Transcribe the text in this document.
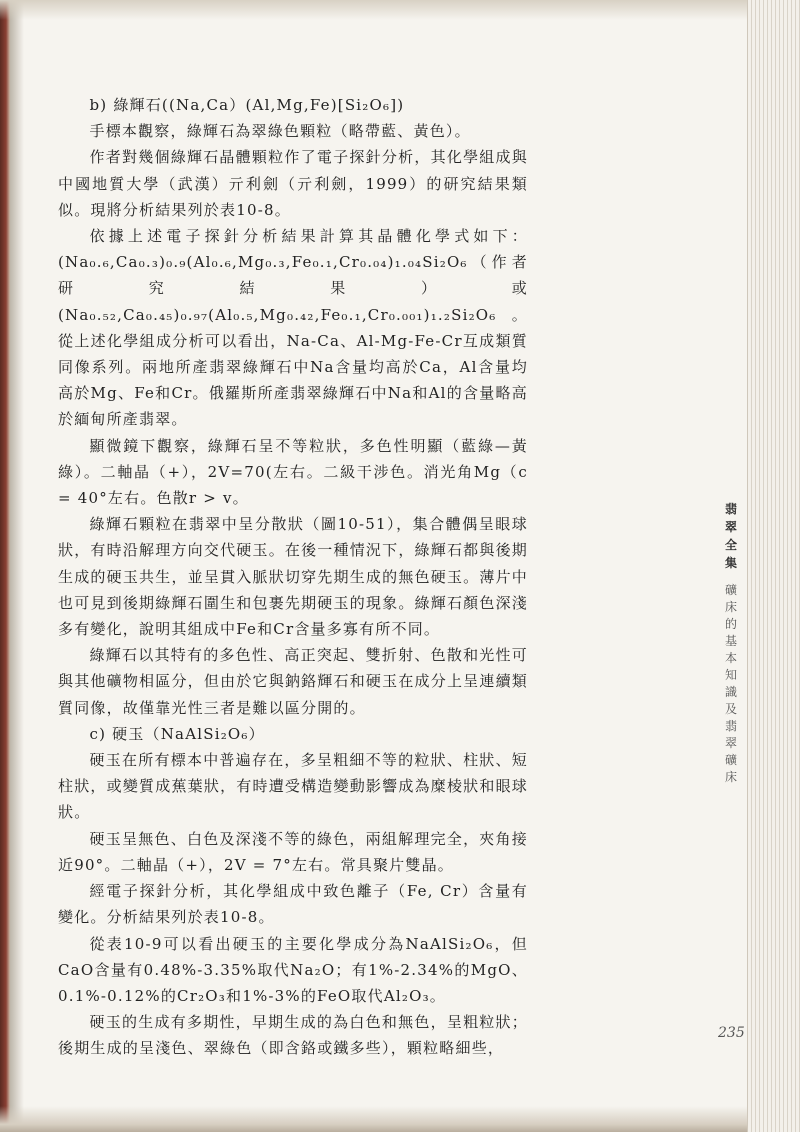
b) 綠輝石((Na,Ca）(Al,Mg,Fe)[Si₂O₆])

手標本觀察，綠輝石為翠綠色顆粒（略帶藍、黃色）。

作者對幾個綠輝石晶體顆粒作了電子探針分析，其化學組成與中國地質大學（武漢）亓利劍（亓利劍，1999）的研究結果類似。現將分析結果列於表10-8。

依據上述電子探針分析結果計算其晶體化學式如下：(Na₀.₆,Ca₀.₃)₀.₉(Al₀.₆,Mg₀.₃,Fe₀.₁,Cr₀.₀₄)₁.₀₄Si₂O₆（作者研究結果）或(Na₀.₅₂,Ca₀.₄₅)₀.₉₇(Al₀.₅,Mg₀.₄₂,Fe₀.₁,Cr₀.₀₀₁)₁.₂Si₂O₆。從上述化學組成分析可以看出，Na-Ca、Al-Mg-Fe-Cr互成類質同像系列。兩地所產翡翠綠輝石中Na含量均高於Ca，Al含量均高於Mg、Fe和Cr。俄羅斯所產翡翠綠輝石中Na和Al的含量略高於緬甸所產翡翠。

顯微鏡下觀察，綠輝石呈不等粒狀，多色性明顯（藍綠—黃綠）。二軸晶（+），2V=70(左右。二級干涉色。消光角Mg（c = 40°左右。色散r > v。

綠輝石顆粒在翡翠中呈分散狀（圖10-51），集合體偶呈眼球狀，有時沿解理方向交代硬玉。在後一種情況下，綠輝石都與後期生成的硬玉共生，並呈貫入脈狀切穿先期生成的無色硬玉。薄片中也可見到後期綠輝石圍生和包裹先期硬玉的現象。綠輝石顏色深淺多有變化，說明其組成中Fe和Cr含量多寡有所不同。

綠輝石以其特有的多色性、高正突起、雙折射、色散和光性可與其他礦物相區分，但由於它與鈉鉻輝石和硬玉在成分上呈連續類質同像，故僅靠光性三者是難以區分開的。

c) 硬玉（NaAlSi₂O₆）

硬玉在所有標本中普遍存在，多呈粗細不等的粒狀、柱狀、短柱狀，或變質成蕉葉狀，有時遭受構造變動影響成為糜棱狀和眼球狀。

硬玉呈無色、白色及深淺不等的綠色，兩組解理完全，夾角接近90°。二軸晶（+），2V = 7°左右。常具聚片雙晶。

經電子探針分析，其化學組成中致色離子（Fe, Cr）含量有變化。分析結果列於表10-8。

從表10-9可以看出硬玉的主要化學成分為NaAlSi₂O₆，但CaO含量有0.48%-3.35%取代Na₂O；有1%-2.34%的MgO、0.1%-0.12%的Cr₂O₃和1%-3%的FeO取代Al₂O₃。

硬玉的生成有多期性，早期生成的為白色和無色，呈粗粒狀；後期生成的呈淺色、翠綠色（即含鉻或鐵多些），顆粒略細些，

翡翠全集
礦床的基本知識及翡翠礦床
235
